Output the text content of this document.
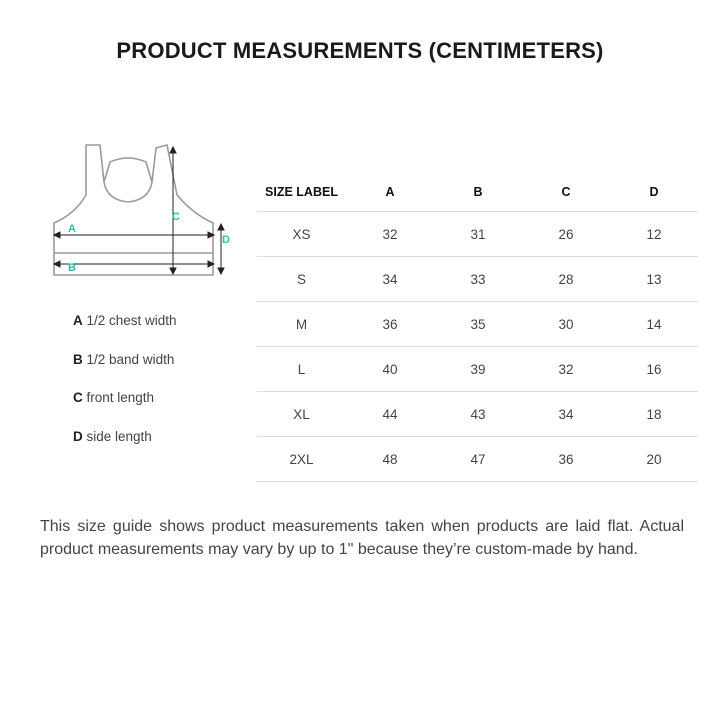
PRODUCT MEASUREMENTS (CENTIMETERS)
A
B
C
D
A 1/2 chest width
B 1/2 band width
C front length
D side length
SIZE LABEL	A	B	C	D
XS	32	31	26	12
S	34	33	28	13
M	36	35	30	14
L	40	39	32	16
XL	44	43	34	18
2XL	48	47	36	20
This size guide shows product measurements taken when products are laid flat. Actual product measurements may vary by up to 1" because they’re custom-made by hand.
